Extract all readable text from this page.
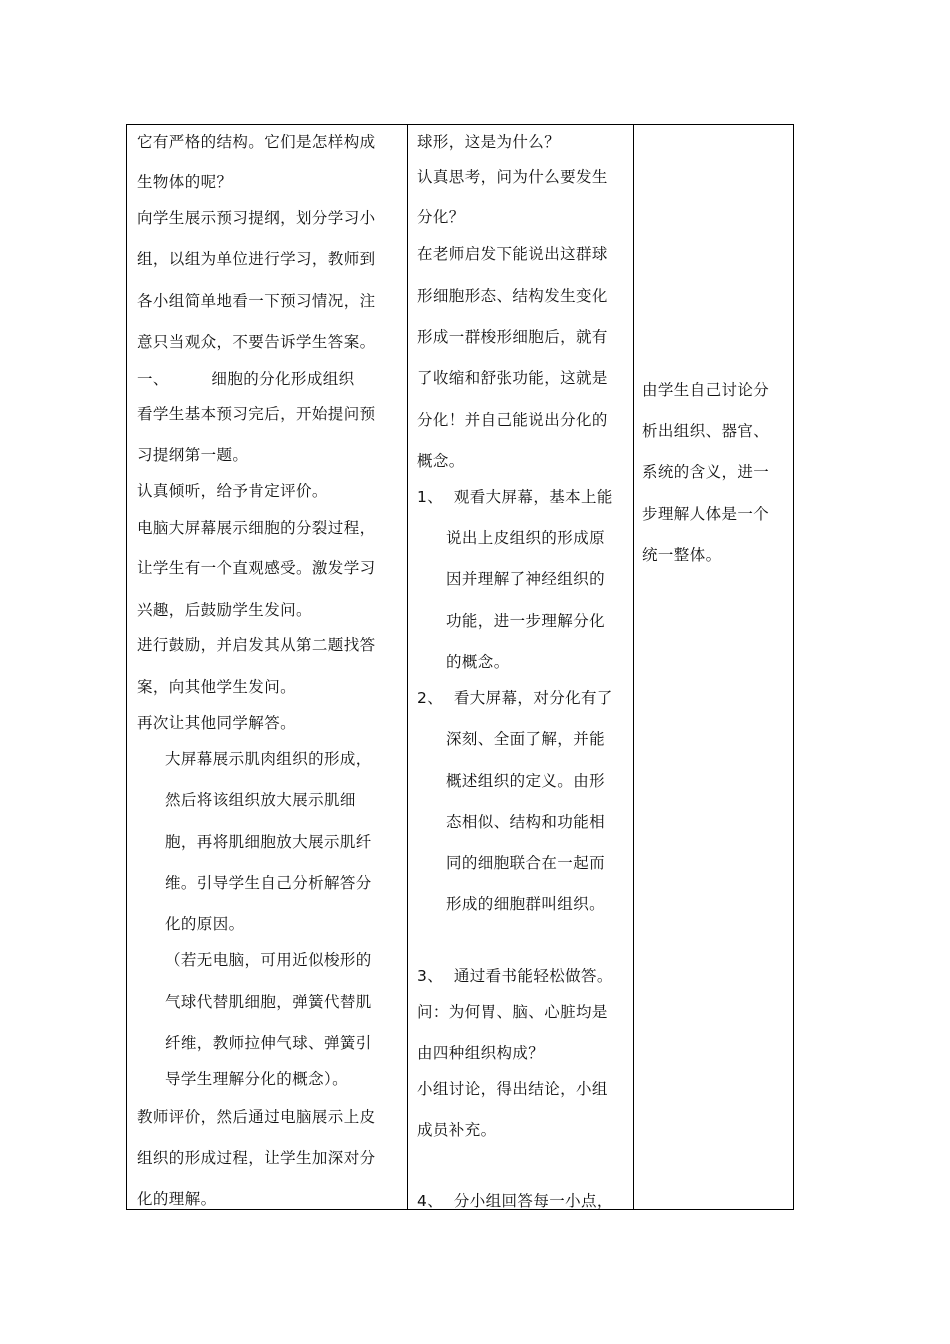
它有严格的结构。它们是怎样构成
生物体的呢？
向学生展示预习提纲，划分学习小
组，以组为单位进行学习，教师到
各小组简单地看一下预习情况，注
意只当观众，不要告诉学生答案。
一、        细胞的分化形成组织
看学生基本预习完后，开始提问预
习提纲第一题。
认真倾听，给予肯定评价。
电脑大屏幕展示细胞的分裂过程，
让学生有一个直观感受。激发学习
兴趣，后鼓励学生发问。
进行鼓励，并启发其从第二题找答
案，向其他学生发问。
再次让其他同学解答。
大屏幕展示肌肉组织的形成，
然后将该组织放大展示肌细
胞，再将肌细胞放大展示肌纤
维。引导学生自己分析解答分
化的原因。
（若无电脑，可用近似梭形的
气球代替肌细胞，弹簧代替肌
纤维，教师拉伸气球、弹簧引
导学生理解分化的概念）。
教师评价，然后通过电脑展示上皮
组织的形成过程，让学生加深对分
化的理解。
球形，这是为什么？
认真思考，问为什么要发生
分化？
在老师启发下能说出这群球
形细胞形态、结构发生变化
形成一群梭形细胞后，就有
了收缩和舒张功能，这就是
分化！并自己能说出分化的
概念。
1、  观看大屏幕，基本上能
说出上皮组织的形成原
因并理解了神经组织的
功能，进一步理解分化
的概念。
2、  看大屏幕，对分化有了
深刻、全面了解，并能
概述组织的定义。由形
态相似、结构和功能相
同的细胞联合在一起而
形成的细胞群叫组织。
3、  通过看书能轻松做答。
问：为何胃、脑、心脏均是
由四种组织构成？
小组讨论，得出结论，小组
成员补充。
4、  分小组回答每一小点，
由学生自己讨论分
析出组织、器官、
系统的含义，进一
步理解人体是一个
统一整体。
